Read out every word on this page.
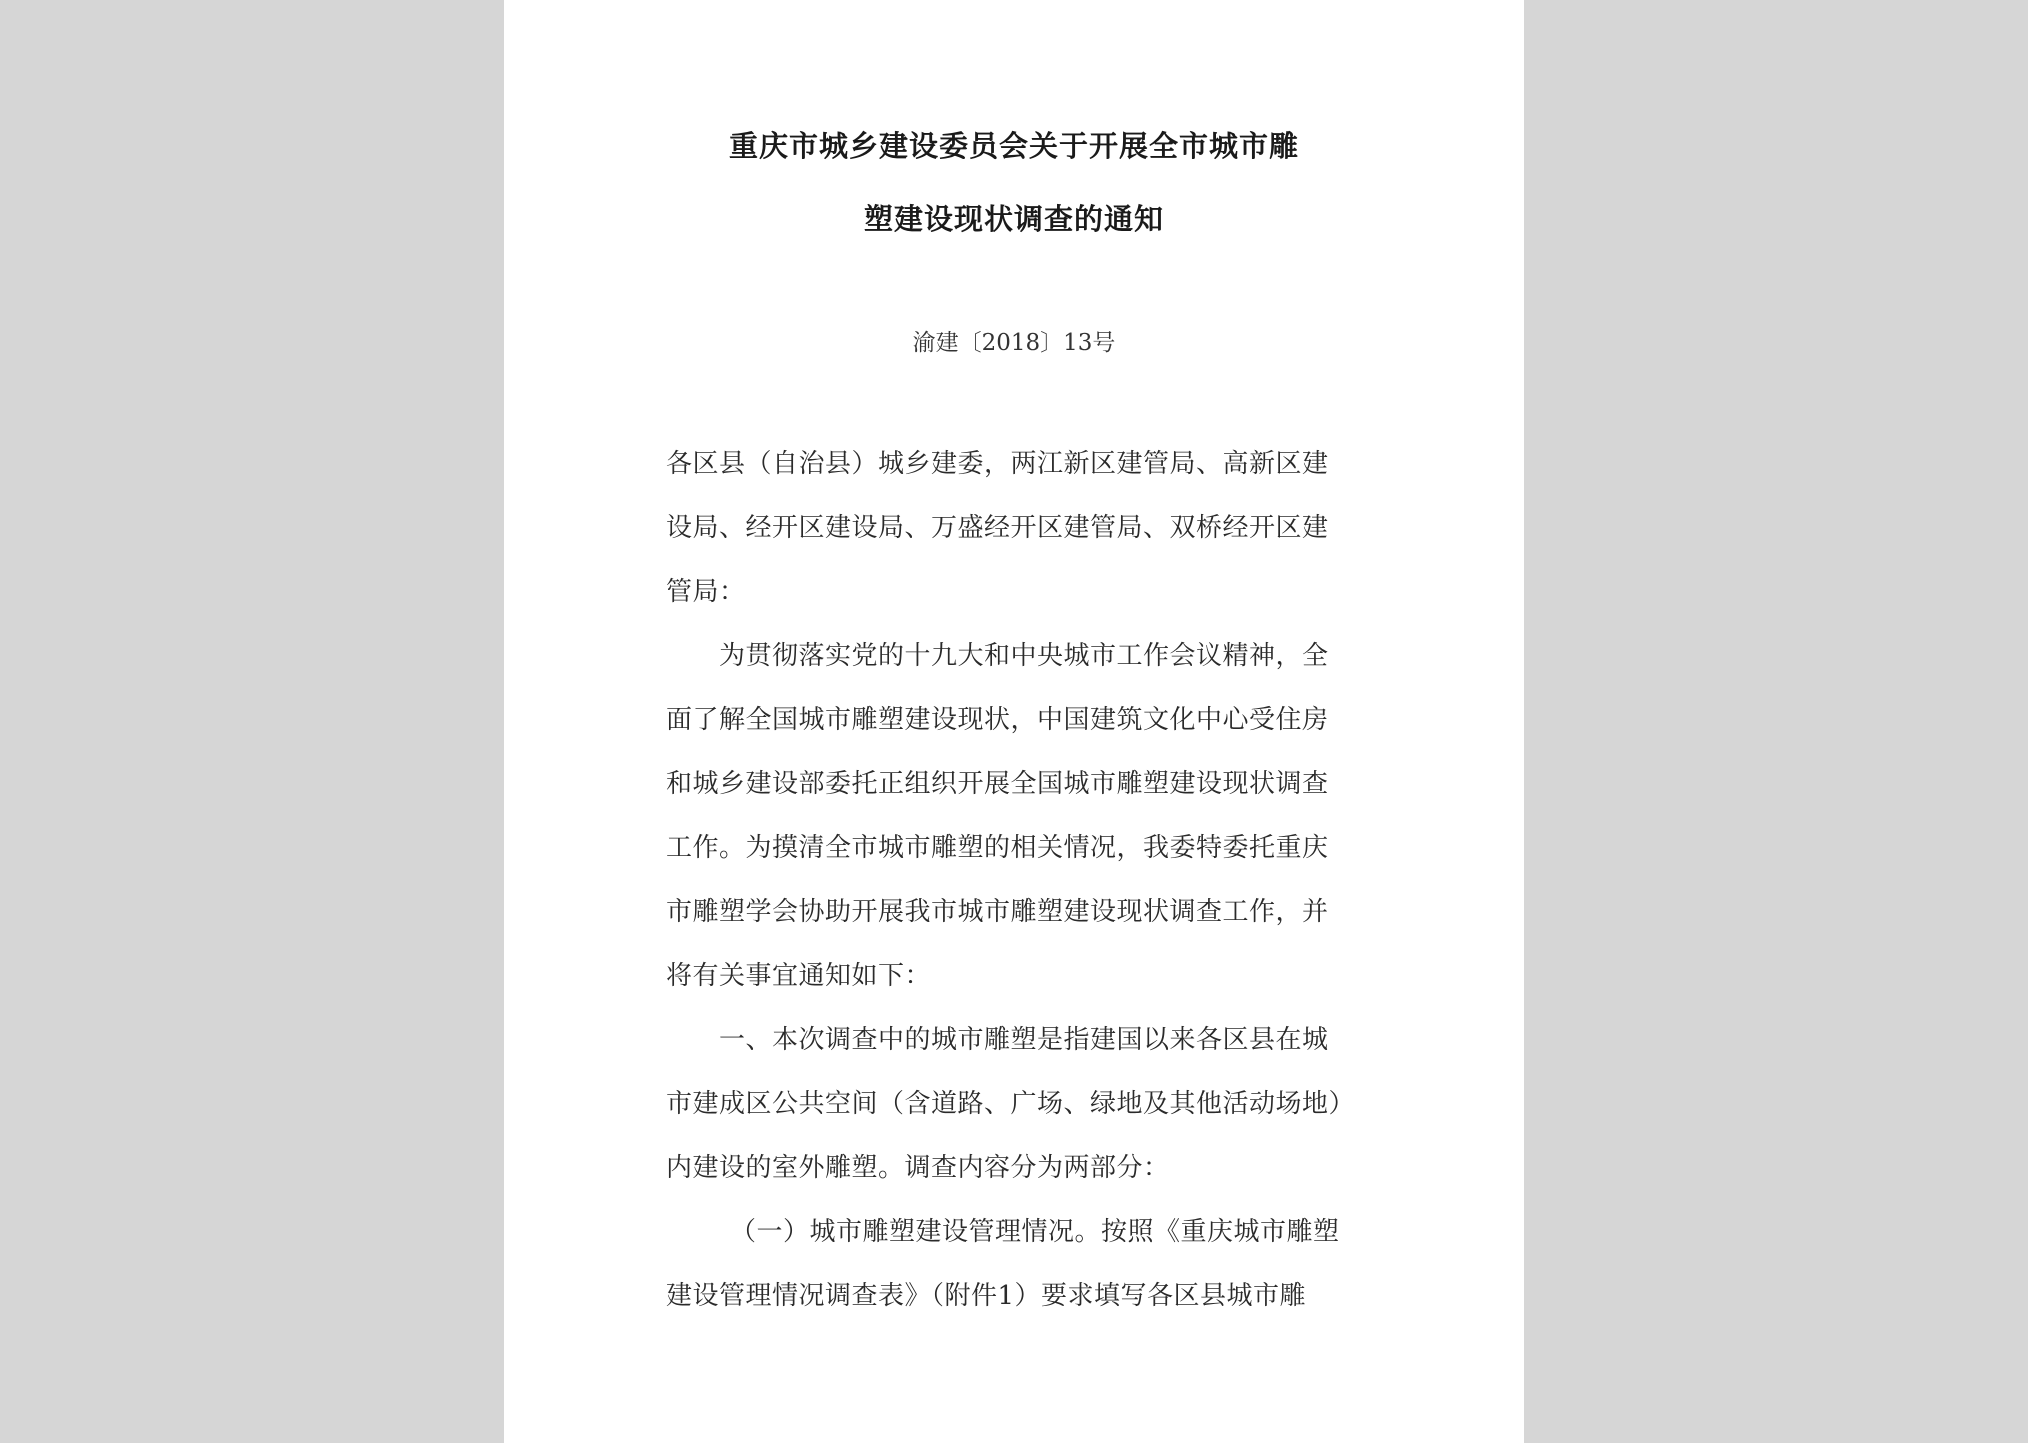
重庆市城乡建设委员会关于开展全市城市雕
塑建设现状调查的通知
渝建〔2018〕13号
各区县（自治县）城乡建委，两江新区建管局、高新区建
设局、经开区建设局、万盛经开区建管局、双桥经开区建
管局：
为贯彻落实党的十九大和中央城市工作会议精神，全
面了解全国城市雕塑建设现状，中国建筑文化中心受住房
和城乡建设部委托正组织开展全国城市雕塑建设现状调查
工作。为摸清全市城市雕塑的相关情况，我委特委托重庆
市雕塑学会协助开展我市城市雕塑建设现状调查工作，并
将有关事宜通知如下：
一、本次调查中的城市雕塑是指建国以来各区县在城
市建成区公共空间（含道路、广场、绿地及其他活动场地）
内建设的室外雕塑。调查内容分为两部分：
（一）城市雕塑建设管理情况。按照《重庆城市雕塑
建设管理情况调查表》（附件1）要求填写各区县城市雕
